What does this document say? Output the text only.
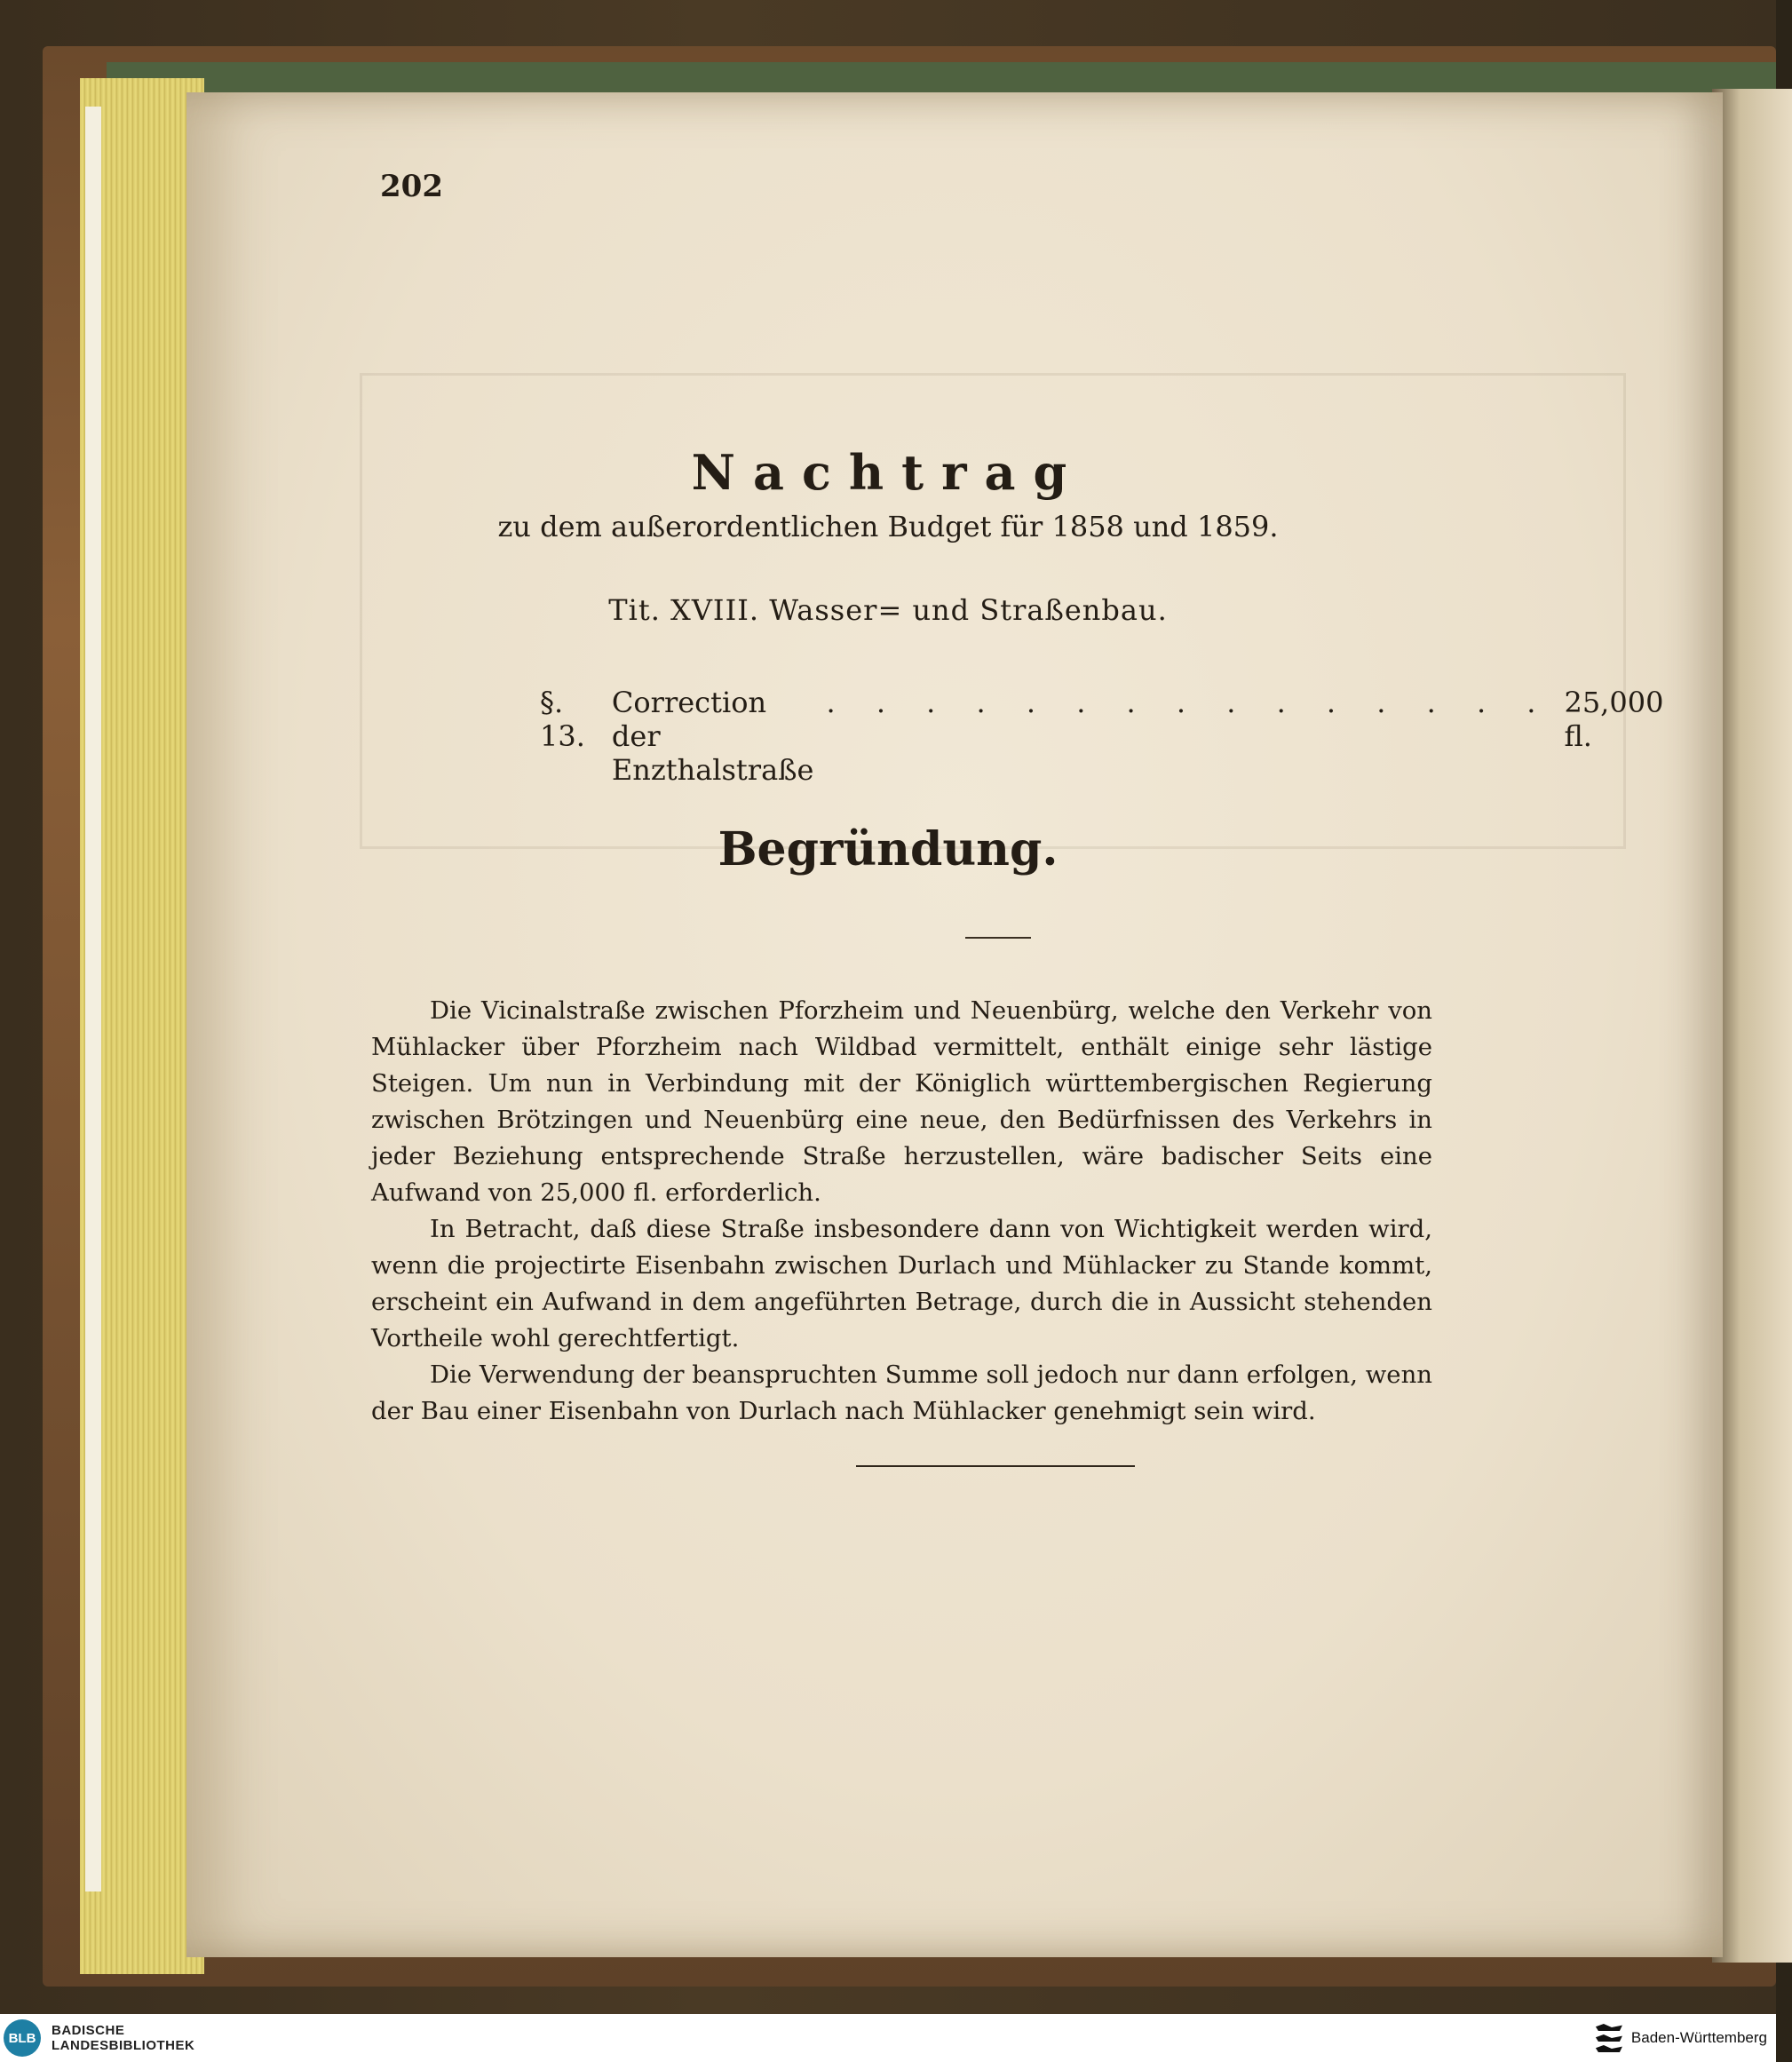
202
Nachtrag
zu dem außerordentlichen Budget für 1858 und 1859.
Tit. XVIII. Wasser= und Straßenbau.
§. 13.
Correction der Enzthalstraße
. . . . . . . . . . . . . . . 25,000 fl.
Begründung.

Die Vicinalstraße zwischen Pforzheim und Neuenbürg, welche den Verkehr von Mühlacker über Pforzheim nach Wildbad vermittelt, enthält einige sehr lästige Steigen. Um nun in Verbindung mit der Königlich württembergischen Regierung zwischen Brötzingen und Neuenbürg eine neue, den Bedürfnissen des Verkehrs in jeder Beziehung entsprechende Straße herzustellen, wäre badischer Seits eine Aufwand von 25,000 fl. erforderlich.

In Betracht, daß diese Straße insbesondere dann von Wichtigkeit werden wird, wenn die projectirte Eisenbahn zwischen Durlach und Mühlacker zu Stande kommt, erscheint ein Aufwand in dem angeführten Betrage, durch die in Aussicht stehenden Vortheile wohl gerechtfertigt.

Die Verwendung der beanspruchten Summe soll jedoch nur dann erfolgen, wenn der Bau einer Eisenbahn von Durlach nach Mühlacker genehmigt sein wird.

BLB	BADISCHE
LANDESBIBLIOTHEK	Baden-Württemberg
